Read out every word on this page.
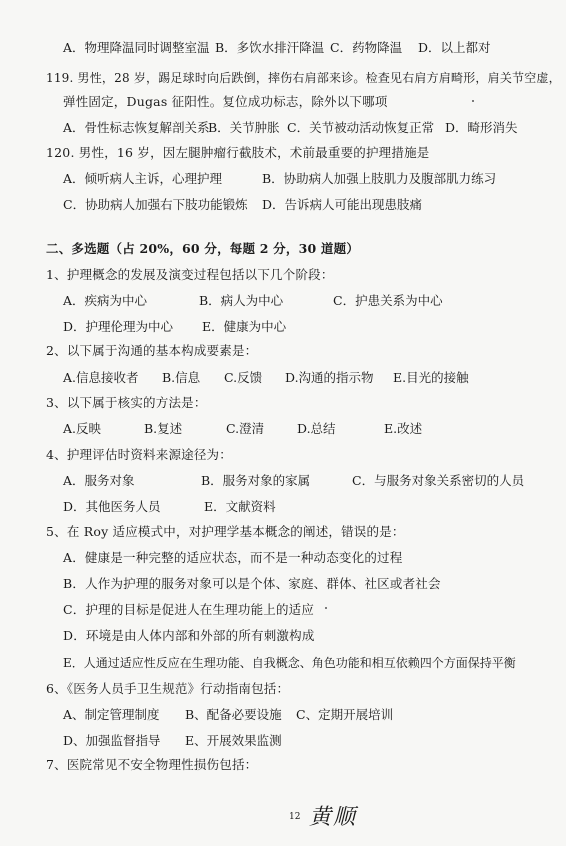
A．物理降温同时调整室温 B．多饮水排汗降温 C．药物降温 D．以上都对
119. 男性，28 岁，踢足球时向后跌倒，摔伤右肩部来诊。检查见右肩方肩畸形，肩关节空虚，
弹性固定，Dugas 征阳性。复位成功标志，除外以下哪项
A．骨性标志恢复解剖关系
B．关节肿胀 C．关节被动活动恢复正常 D．畸形消失
120. 男性，16 岁，因左腿肿瘤行截肢术，术前最重要的护理措施是
A．倾听病人主诉，心理护理	B．协助病人加强上肢肌力及腹部肌力练习
C．协助病人加强右下肢功能锻炼 D．告诉病人可能出现患肢痛
二、多选题（占 20%，60 分，每题 2 分，30 道题）
1、护理概念的发展及演变过程包括以下几个阶段：
A．疾病为中心	B．病人为中心	C．护患关系为中心
D．护理伦理为中心 E．健康为中心
2、以下属于沟通的基本构成要素是：
A.信息接收者 B.信息 C.反馈 D.沟通的指示物 E.目光的接触
3、以下属于核实的方法是：
A.反映	B.复述	C.澄清	D.总结	E.改述
4、护理评估时资料来源途径为：
A．服务对象	B．服务对象的家属	C．与服务对象关系密切的人员
D．其他医务人员	E．文献资料
5、在 Roy 适应模式中，对护理学基本概念的阐述，错误的是：
A．健康是一种完整的适应状态，而不是一种动态变化的过程
B．人作为护理的服务对象可以是个体、家庭、群体、社区或者社会
C．护理的目标是促进人在生理功能上的适应
D．环境是由人体内部和外部的所有刺激构成
E．人通过适应性反应在生理功能、自我概念、角色功能和相互依赖四个方面保持平衡
6、《医务人员手卫生规范》行动指南包括：
A、制定管理制度 B、配备必要设施 C、定期开展培训
D、加强监督指导 E、开展效果监测
7、医院常见不安全物理性损伤包括：
12 黄顺
